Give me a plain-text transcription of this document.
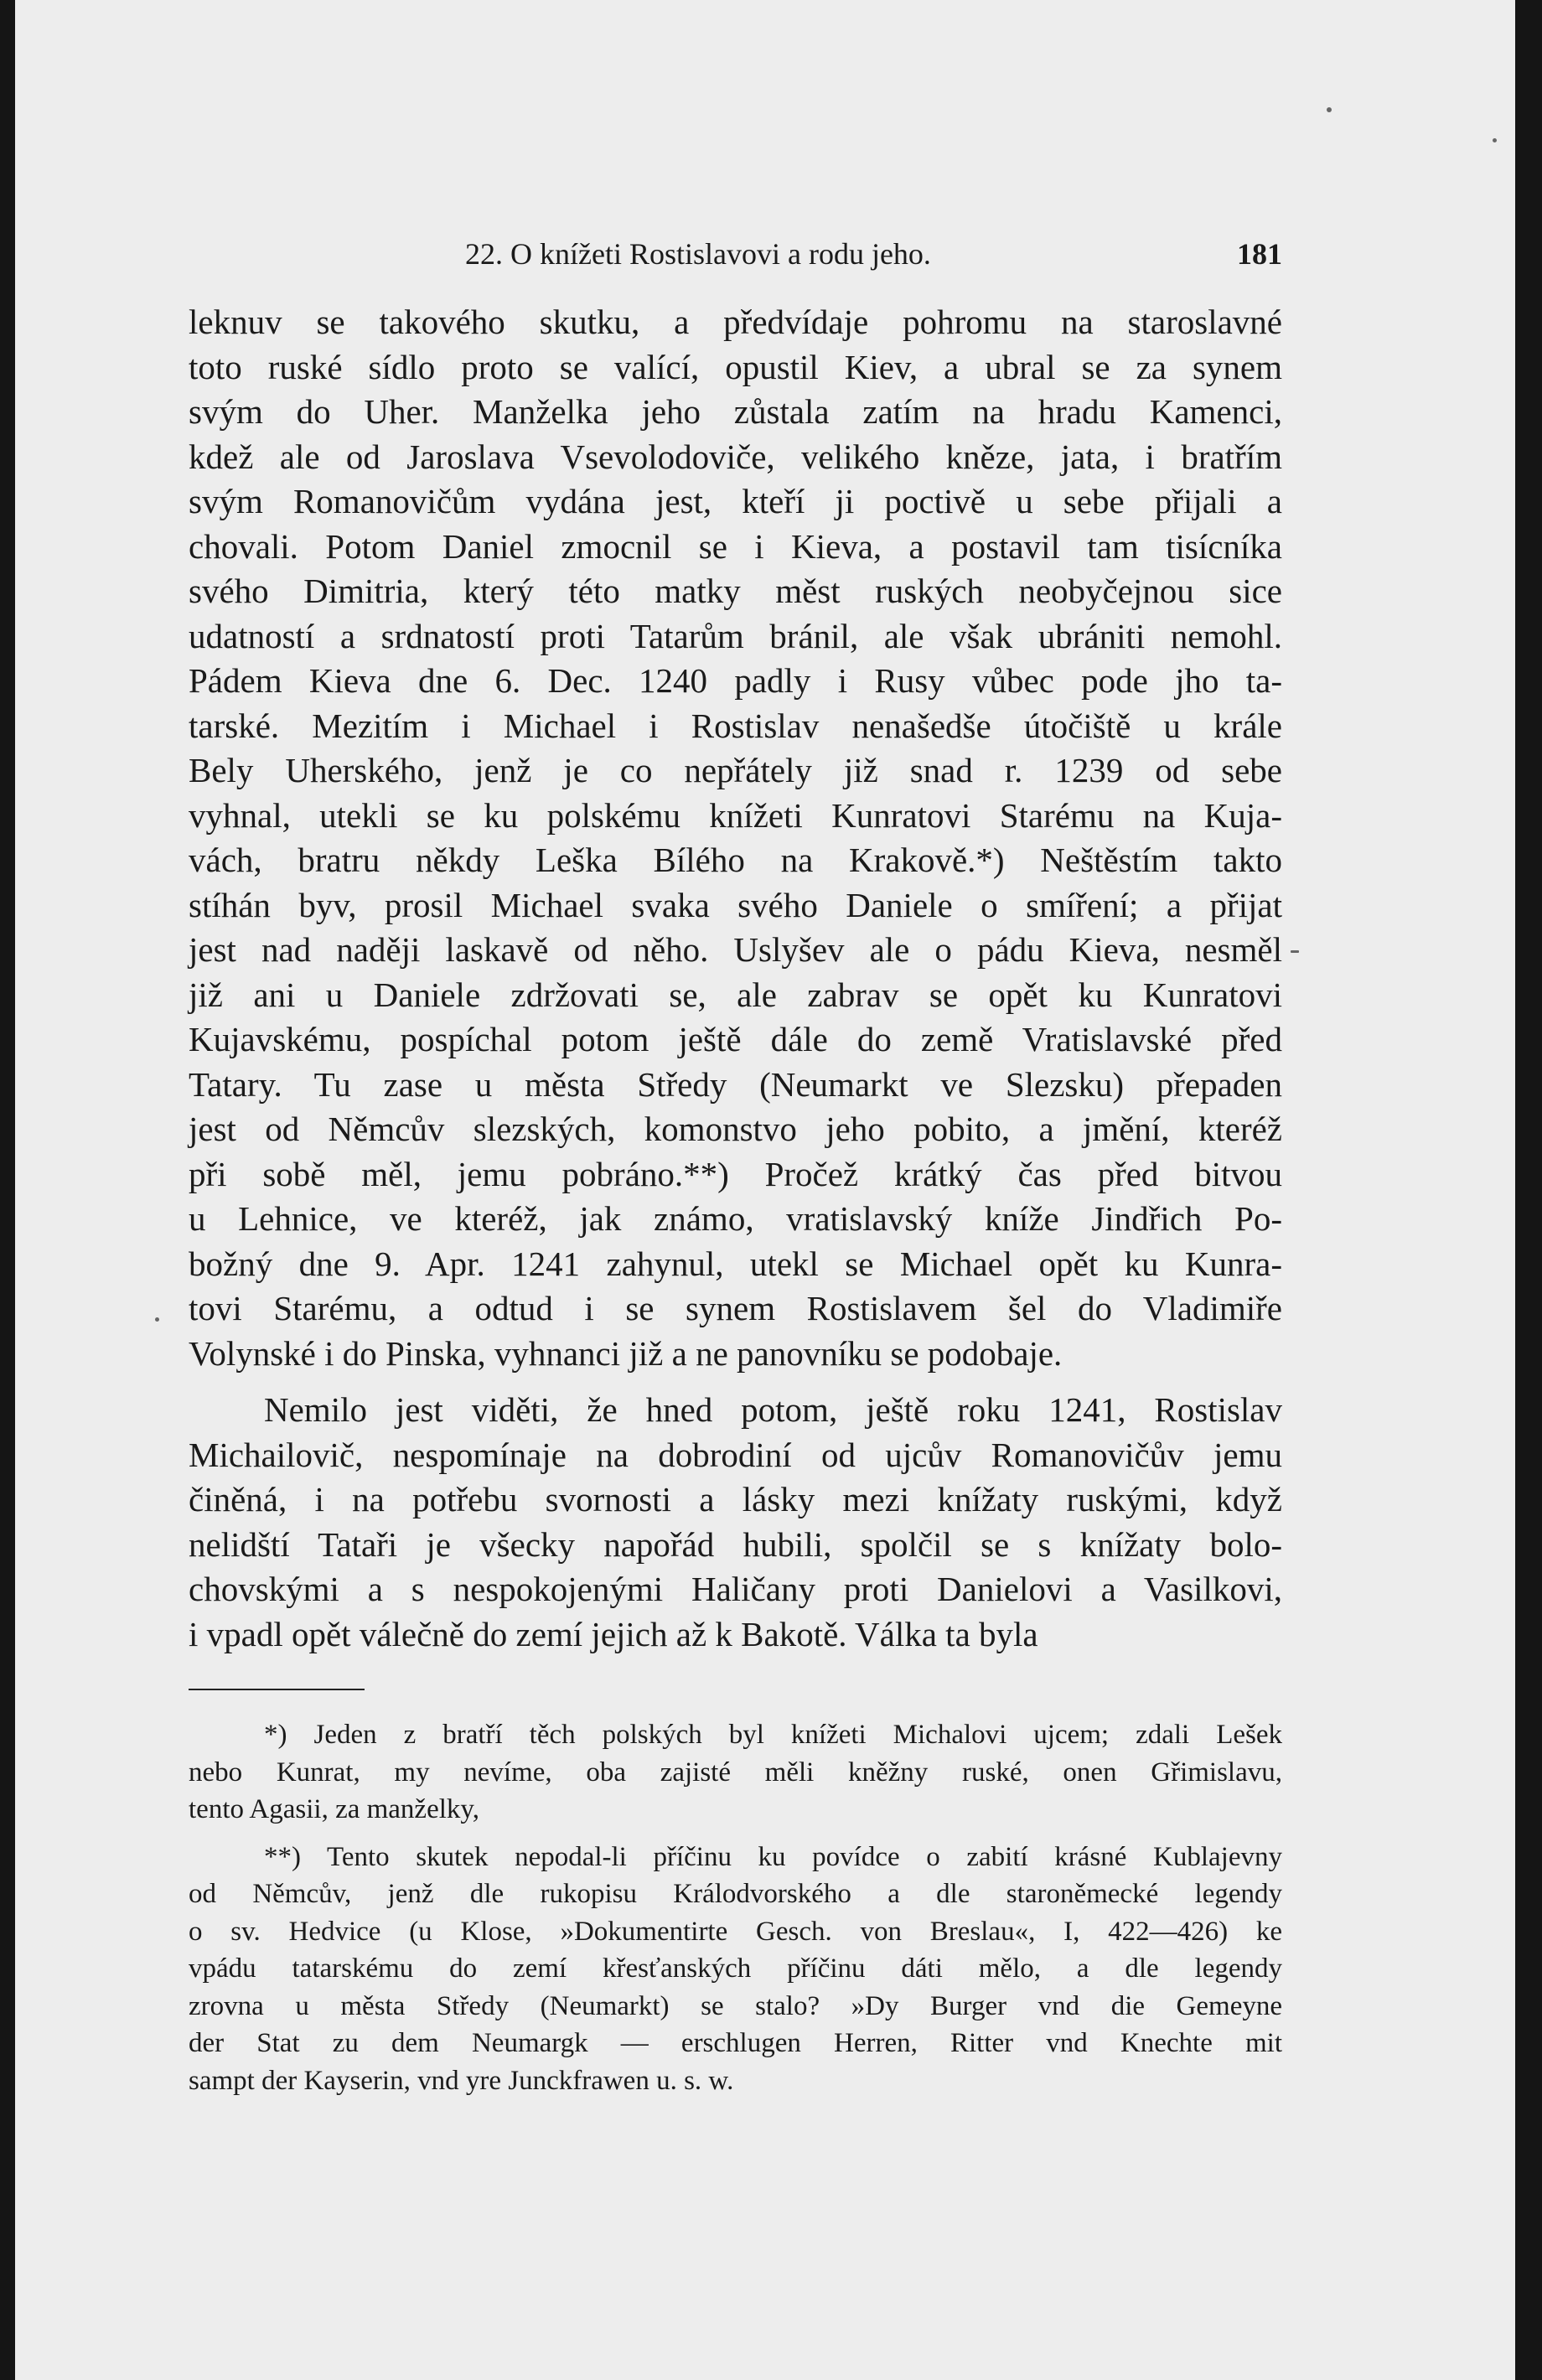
22. O knížeti Rostislavovi a rodu jeho.	181
leknuv se takového skutku, a předvídaje pohromu na staroslavné
toto ruské sídlo proto se valící, opustil Kiev, a ubral se za synem
svým do Uher. Manželka jeho zůstala zatím na hradu Kamenci,
kdež ale od Jaroslava Vsevolodoviče, velikého kněze, jata, i bratřím
svým Romanovičům vydána jest, kteří ji poctivě u sebe přijali a
chovali. Potom Daniel zmocnil se i Kieva, a postavil tam tisícníka
svého Dimitria, který této matky měst ruských neobyčejnou sice
udatností a srdnatostí proti Tatarům bránil, ale však ubrániti nemohl.
Pádem Kieva dne 6. Dec. 1240 padly i Rusy vůbec pode jho ta-
tarské. Mezitím i Michael i Rostislav nenašedše útočiště u krále
Bely Uherského, jenž je co nepřátely již snad r. 1239 od sebe
vyhnal, utekli se ku polskému knížeti Kunratovi Starému na Kuja-
vách, bratru někdy Leška Bílého na Krakově.*) Neštěstím takto
stíhán byv, prosil Michael svaka svého Daniele o smíření; a přijat
jest nad naději laskavě od něho. Uslyšev ale o pádu Kieva, nesměl
již ani u Daniele zdržovati se, ale zabrav se opět ku Kunratovi
Kujavskému, pospíchal potom ještě dále do země Vratislavské před
Tatary. Tu zase u města Středy (Neumarkt ve Slezsku) přepaden
jest od Němcův slezských, komonstvo jeho pobito, a jmění, kteréž
při sobě měl, jemu pobráno.**) Pročež krátký čas před bitvou
u Lehnice, ve kteréž, jak známo, vratislavský kníže Jindřich Po-
božný dne 9. Apr. 1241 zahynul, utekl se Michael opět ku Kunra-
tovi Starému, a odtud i se synem Rostislavem šel do Vladimiře
Volynské i do Pinska, vyhnanci již a ne panovníku se podobaje.
Nemilo jest viděti, že hned potom, ještě roku 1241, Rostislav
Michailovič, nespomínaje na dobrodiní od ujcův Romanovičův jemu
činěná, i na potřebu svornosti a lásky mezi knížaty ruskými, když
nelidští Tataři je všecky napořád hubili, spolčil se s knížaty bolo-
chovskými a s nespokojenými Haličany proti Danielovi a Vasilkovi,
i vpadl opět válečně do zemí jejich až k Bakotě. Válka ta byla
*) Jeden z bratří těch polských byl knížeti Michalovi ujcem; zdali Lešek
nebo Kunrat, my nevíme, oba zajisté měli kněžny ruské, onen Gřimislavu,
tento Agasii, za manželky,
**) Tento skutek nepodal-li příčinu ku povídce o zabití krásné Kublajevny
od Němcův, jenž dle rukopisu Králodvorského a dle staroněmecké legendy
o sv. Hedvice (u Klose, »Dokumentirte Gesch. von Breslau«, I, 422—426) ke
vpádu tatarskému do zemí křesťanských příčinu dáti mělo, a dle legendy
zrovna u města Středy (Neumarkt) se stalo? »Dy Burger vnd die Gemeyne
der Stat zu dem Neumargk — erschlugen Herren, Ritter vnd Knechte mit
sampt der Kayserin, vnd yre Junckfrawen u. s. w.
